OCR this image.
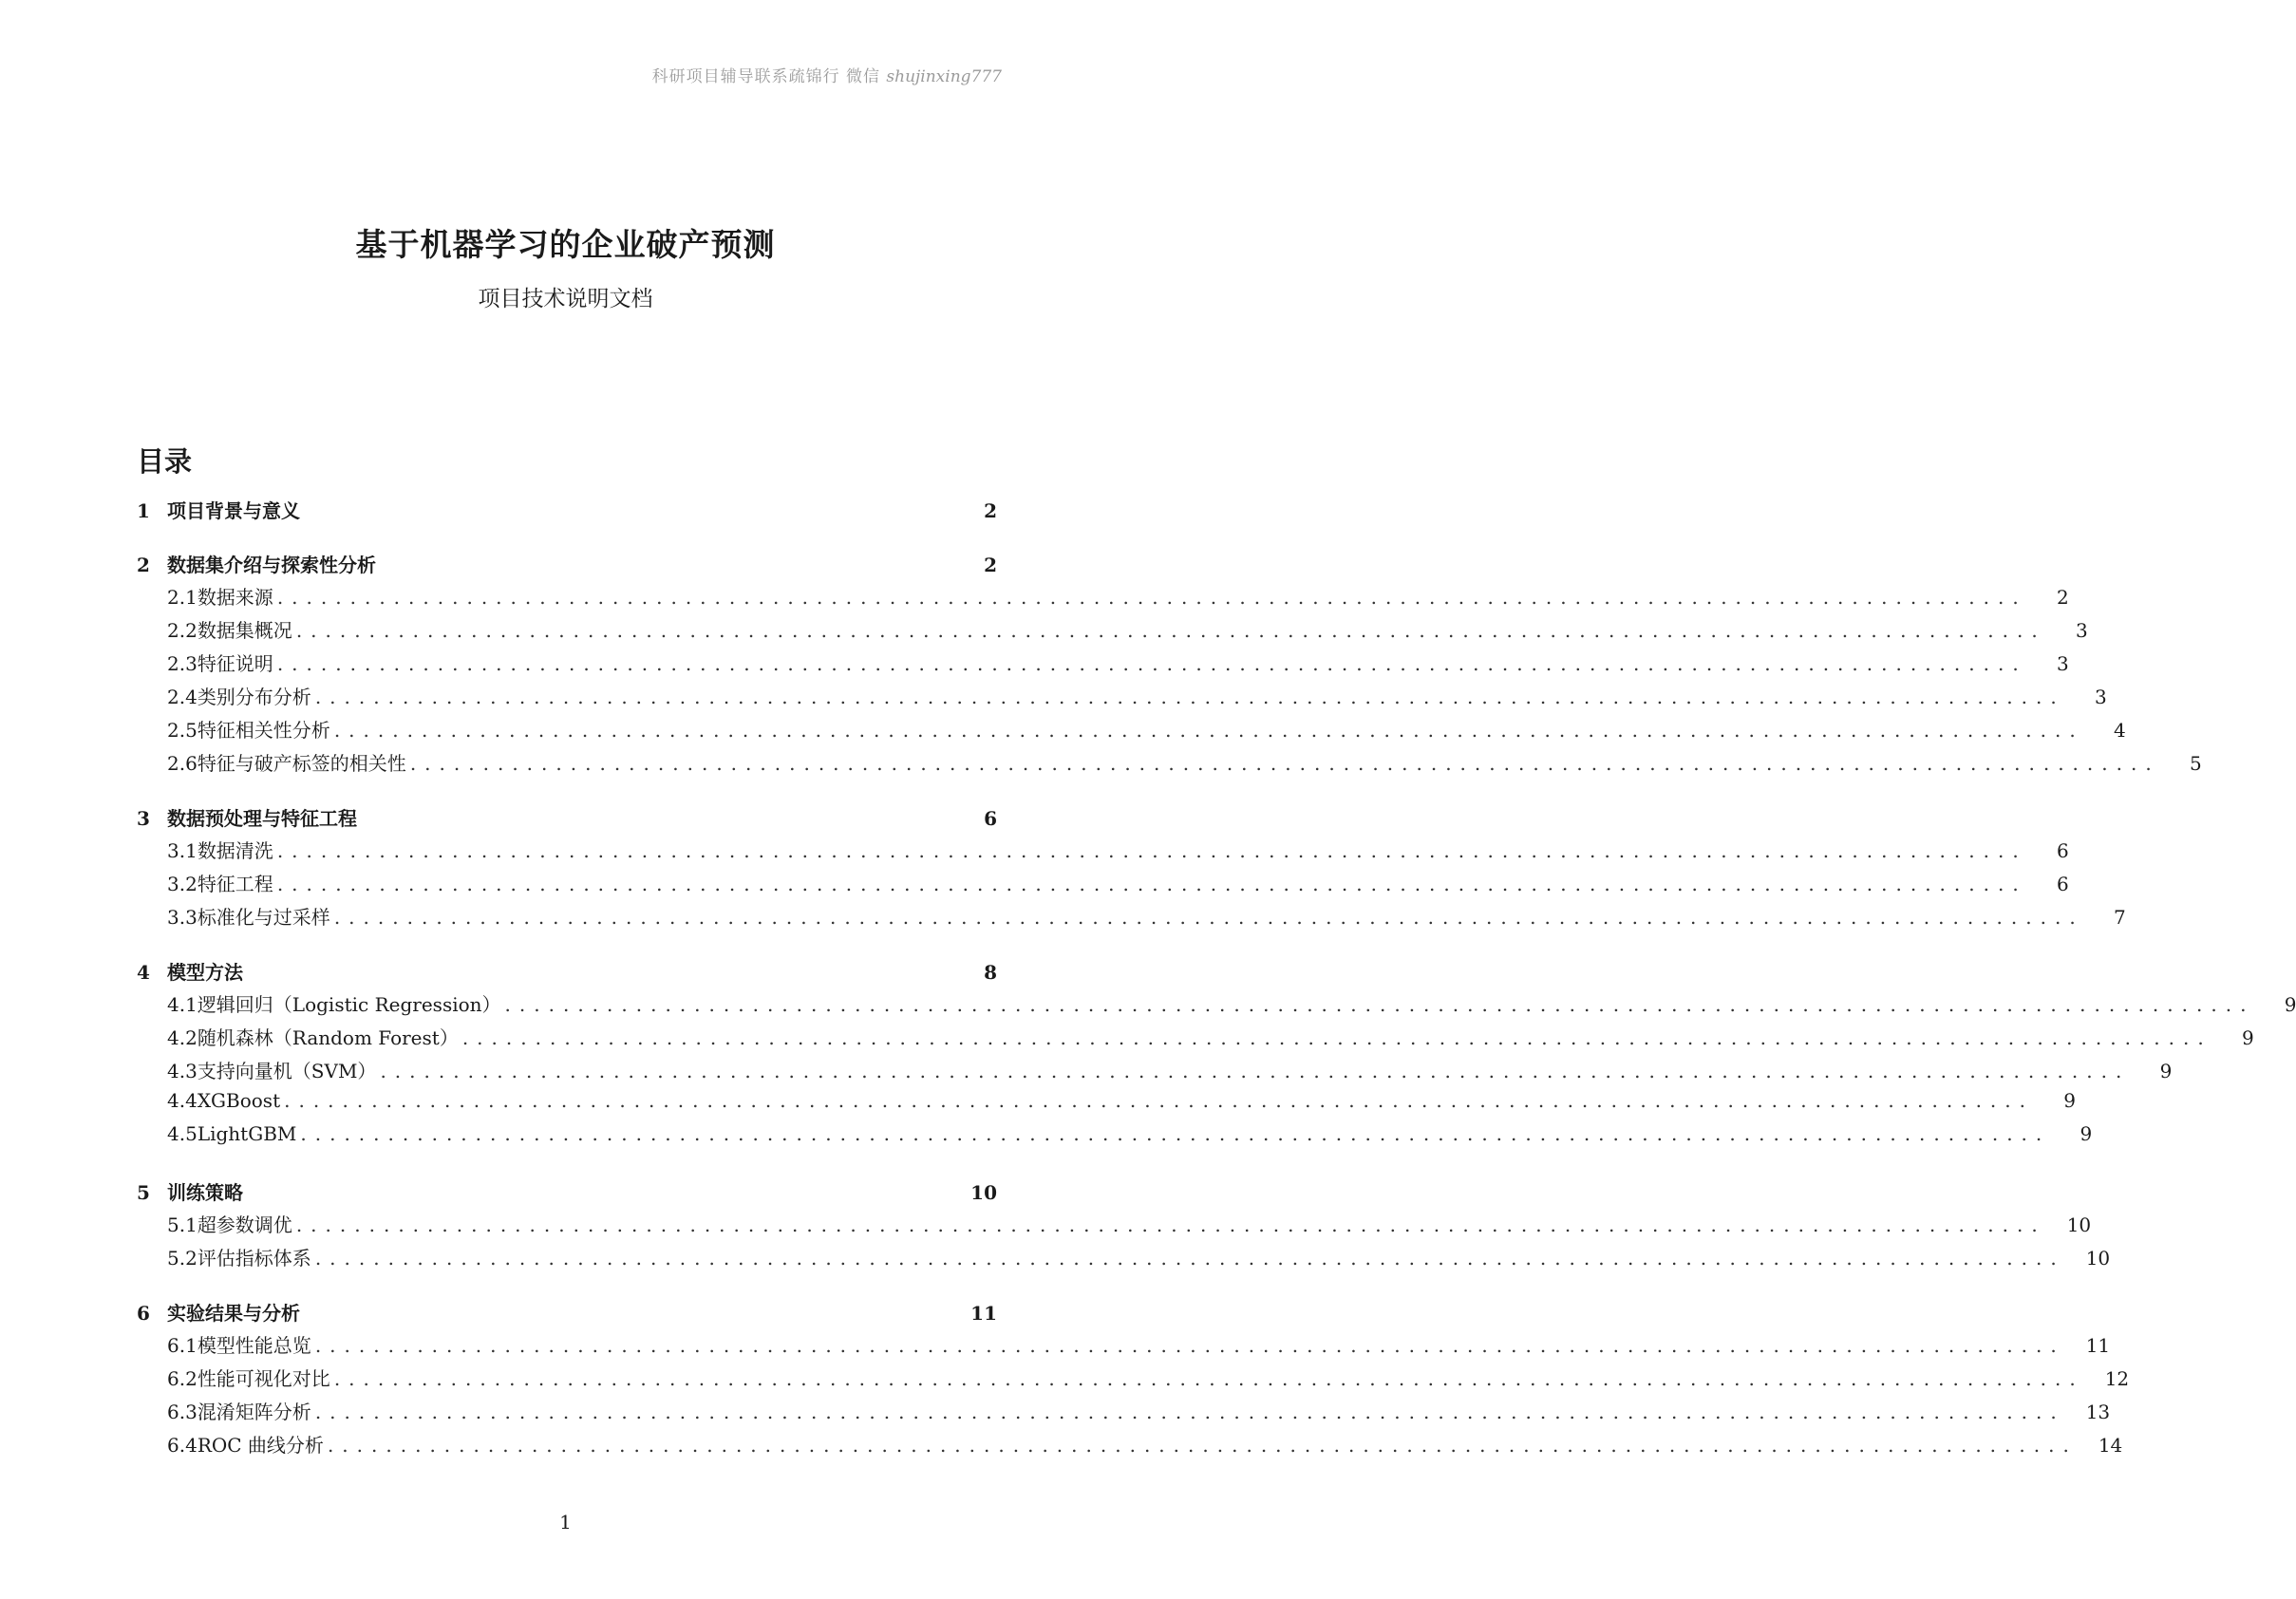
科研项目辅导联系疏锦行 微信 shujinxing777
基于机器学习的企业破产预测
项目技术说明文档
目录
1 项目背景与意义	2
2 数据集介绍与探索性分析	2
2.1 数据来源 ........................................................................................................................	2
2.2 数据集概况 ........................................................................................................................	3
2.3 特征说明 ........................................................................................................................	3
2.4 类别分布分析 ........................................................................................................................	3
2.5 特征相关性分析 ........................................................................................................................	4
2.6 特征与破产标签的相关性 ........................................................................................................................	5
3 数据预处理与特征工程	6
3.1 数据清洗 ........................................................................................................................	6
3.2 特征工程 ........................................................................................................................	6
3.3 标准化与过采样 ........................................................................................................................	7
4 模型方法	8
4.1 逻辑回归（Logistic Regression） ........................................................................................................................	9
4.2 随机森林（Random Forest） ........................................................................................................................	9
4.3 支持向量机（SVM） ........................................................................................................................	9
4.4 XGBoost ........................................................................................................................	9
4.5 LightGBM ........................................................................................................................	9
5 训练策略	10
5.1 超参数调优 ........................................................................................................................	10
5.2 评估指标体系 ........................................................................................................................	10
6 实验结果与分析	11
6.1 模型性能总览 ........................................................................................................................	11
6.2 性能可视化对比 ........................................................................................................................	12
6.3 混淆矩阵分析 ........................................................................................................................	13
6.4 ROC 曲线分析 ........................................................................................................................	14
1
